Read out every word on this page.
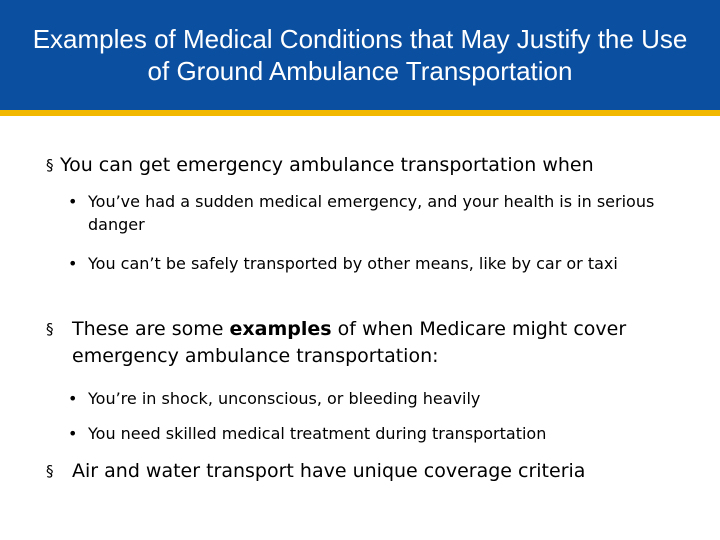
Examples of Medical Conditions that May Justify the Use of Ground Ambulance Transportation
§ You can get emergency ambulance transportation when
• You’ve had a sudden medical emergency, and your health is in serious danger
• You can’t be safely transported by other means, like by car or taxi
§ These are some examples of when Medicare might cover emergency ambulance transportation:
• You’re in shock, unconscious, or bleeding heavily
• You need skilled medical treatment during transportation
§ Air and water transport have unique coverage criteria
